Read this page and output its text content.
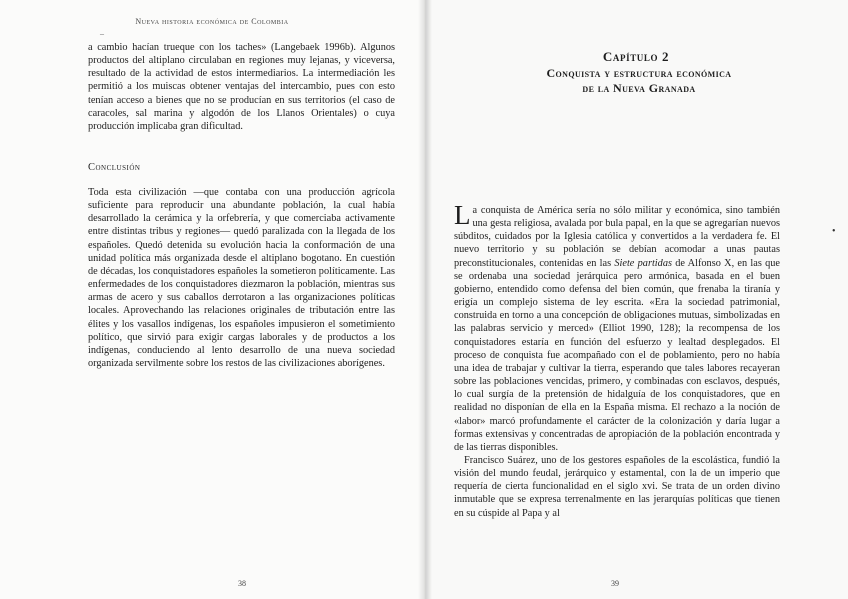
Nueva historia económica de Colombia
–

a cambio hacían trueque con los taches» (Langebaek 1996b). Algunos productos del altiplano circulaban en regiones muy lejanas, y viceversa, resultado de la actividad de estos intermediarios. La intermediación les permitió a los muiscas obtener ventajas del intercambio, pues con esto tenían acceso a bienes que no se producían en sus territorios (el caso de caracoles, sal marina y algodón de los Llanos Orientales) o cuya producción implicaba gran dificultad.

Conclusión

Toda esta civilización —que contaba con una producción agrícola suficiente para reproducir una abundante población, la cual había desarrollado la cerámica y la orfebrería, y que comerciaba activamente entre distintas tribus y regiones— quedó paralizada con la llegada de los españoles. Quedó detenida su evolución hacia la conformación de una unidad política más organizada desde el altiplano bogotano. En cuestión de décadas, los conquistadores españoles la sometieron políticamente. Las enfermedades de los conquistadores diezmaron la población, mientras sus armas de acero y sus caballos derrotaron a las organizaciones políticas locales. Aprovechando las relaciones originales de tributación entre las élites y los vasallos indígenas, los españoles impusieron el sometimiento político, que sirvió para exigir cargas laborales y de productos a los indígenas, conduciendo al lento desarrollo de una nueva sociedad organizada servilmente sobre los restos de las civilizaciones aborígenes.

38
Capítulo 2
Conquista y estructura económica
de la Nueva Granada

La conquista de América sería no sólo militar y económica, sino también una gesta religiosa, avalada por bula papal, en la que se agregarían nuevos súbditos, cuidados por la Iglesia católica y convertidos a la verdadera fe. El nuevo territorio y su población se debían acomodar a unas pautas preconstitucionales, contenidas en las Siete partidas de Alfonso X, en las que se ordenaba una sociedad jerárquica pero armónica, basada en el buen gobierno, entendido como defensa del bien común, que frenaba la tiranía y erigía un complejo sistema de ley escrita. «Era la sociedad patrimonial, construida en torno a una concepción de obligaciones mutuas, simbolizadas en las palabras servicio y merced» (Elliot 1990, 128); la recompensa de los conquistadores estaría en función del esfuerzo y lealtad desplegados. El proceso de conquista fue acompañado con el de poblamiento, pero no había una idea de trabajar y cultivar la tierra, esperando que tales labores recayeran sobre las poblaciones vencidas, primero, y combinadas con esclavos, después, lo cual surgía de la pretensión de hidalguía de los conquistadores, que en realidad no disponían de ella en la España misma. El rechazo a la noción de «labor» marcó profundamente el carácter de la colonización y daría lugar a formas extensivas y concentradas de apropiación de la población encontrada y de las tierras disponibles.

Francisco Suárez, uno de los gestores españoles de la escolástica, fundió la visión del mundo feudal, jerárquico y estamental, con la de un imperio que requería de cierta funcionalidad en el siglo xvi. Se trata de un orden divino inmutable que se expresa terrenalmente en las jerarquías políticas que tienen en su cúspide al Papa y al

•
39
